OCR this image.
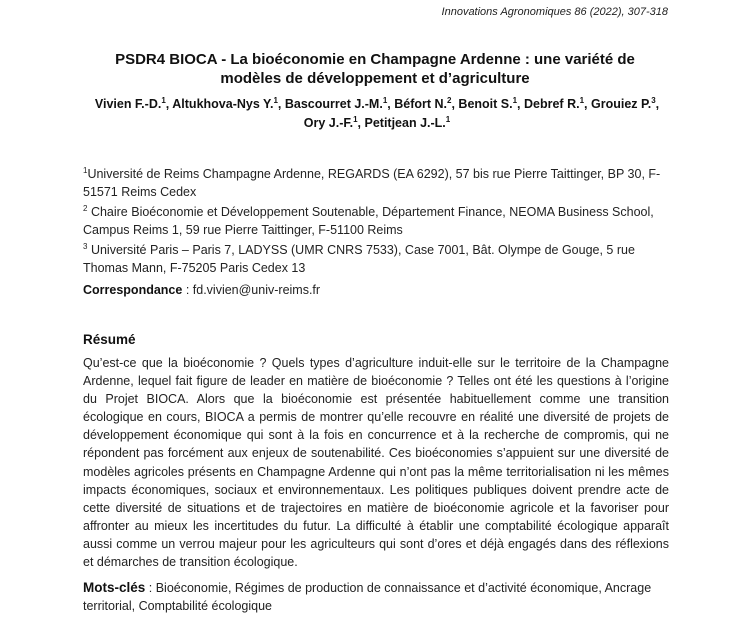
Innovations Agronomiques 86 (2022), 307-318
PSDR4 BIOCA - La bioéconomie en Champagne Ardenne : une variété de
modèles de développement et d’agriculture
Vivien F.-D.$^1$, Altukhova-Nys Y.$^1$, Bascourret J.-M.$^1$, Béfort N.$^2$, Benoit S.$^1$, Debref R.$^1$, Grouiez P.$^3$,
Ory J.-F.$^1$, Petitjean J.-L.$^1$
$^1$Université de Reims Champagne Ardenne, REGARDS (EA 6292), 57 bis rue Pierre Taittinger, BP 30, F-51571 Reims Cedex
$^2$ Chaire Bioéconomie et Développement Soutenable, Département Finance, NEOMA Business School, Campus Reims 1, 59 rue Pierre Taittinger, F-51100 Reims
$^3$ Université Paris – Paris 7, LADYSS (UMR CNRS 7533), Case 7001, Bât. Olympe de Gouge, 5 rue Thomas Mann, F-75205 Paris Cedex 13
Correspondance : fd.vivien@univ-reims.fr
Résumé
Qu’est-ce que la bioéconomie ? Quels types d’agriculture induit-elle sur le territoire de la Champagne Ardenne, lequel fait figure de leader en matière de bioéconomie ? Telles ont été les questions à l’origine du Projet BIOCA. Alors que la bioéconomie est présentée habituellement comme une transition écologique en cours, BIOCA a permis de montrer qu’elle recouvre en réalité une diversité de projets de développement économique qui sont à la fois en concurrence et à la recherche de compromis, qui ne répondent pas forcément aux enjeux de soutenabilité. Ces bioéconomies s’appuient sur une diversité de modèles agricoles présents en Champagne Ardenne qui n’ont pas la même territorialisation ni les mêmes impacts économiques, sociaux et environnementaux. Les politiques publiques doivent prendre acte de cette diversité de situations et de trajectoires en matière de bioéconomie agricole et la favoriser pour affronter au mieux les incertitudes du futur. La difficulté à établir une comptabilité écologique apparaît aussi comme un verrou majeur pour les agriculteurs qui sont d’ores et déjà engagés dans des réflexions et démarches de transition écologique.
Mots-clés : Bioéconomie, Régimes de production de connaissance et d’activité économique, Ancrage territorial, Comptabilité écologique
